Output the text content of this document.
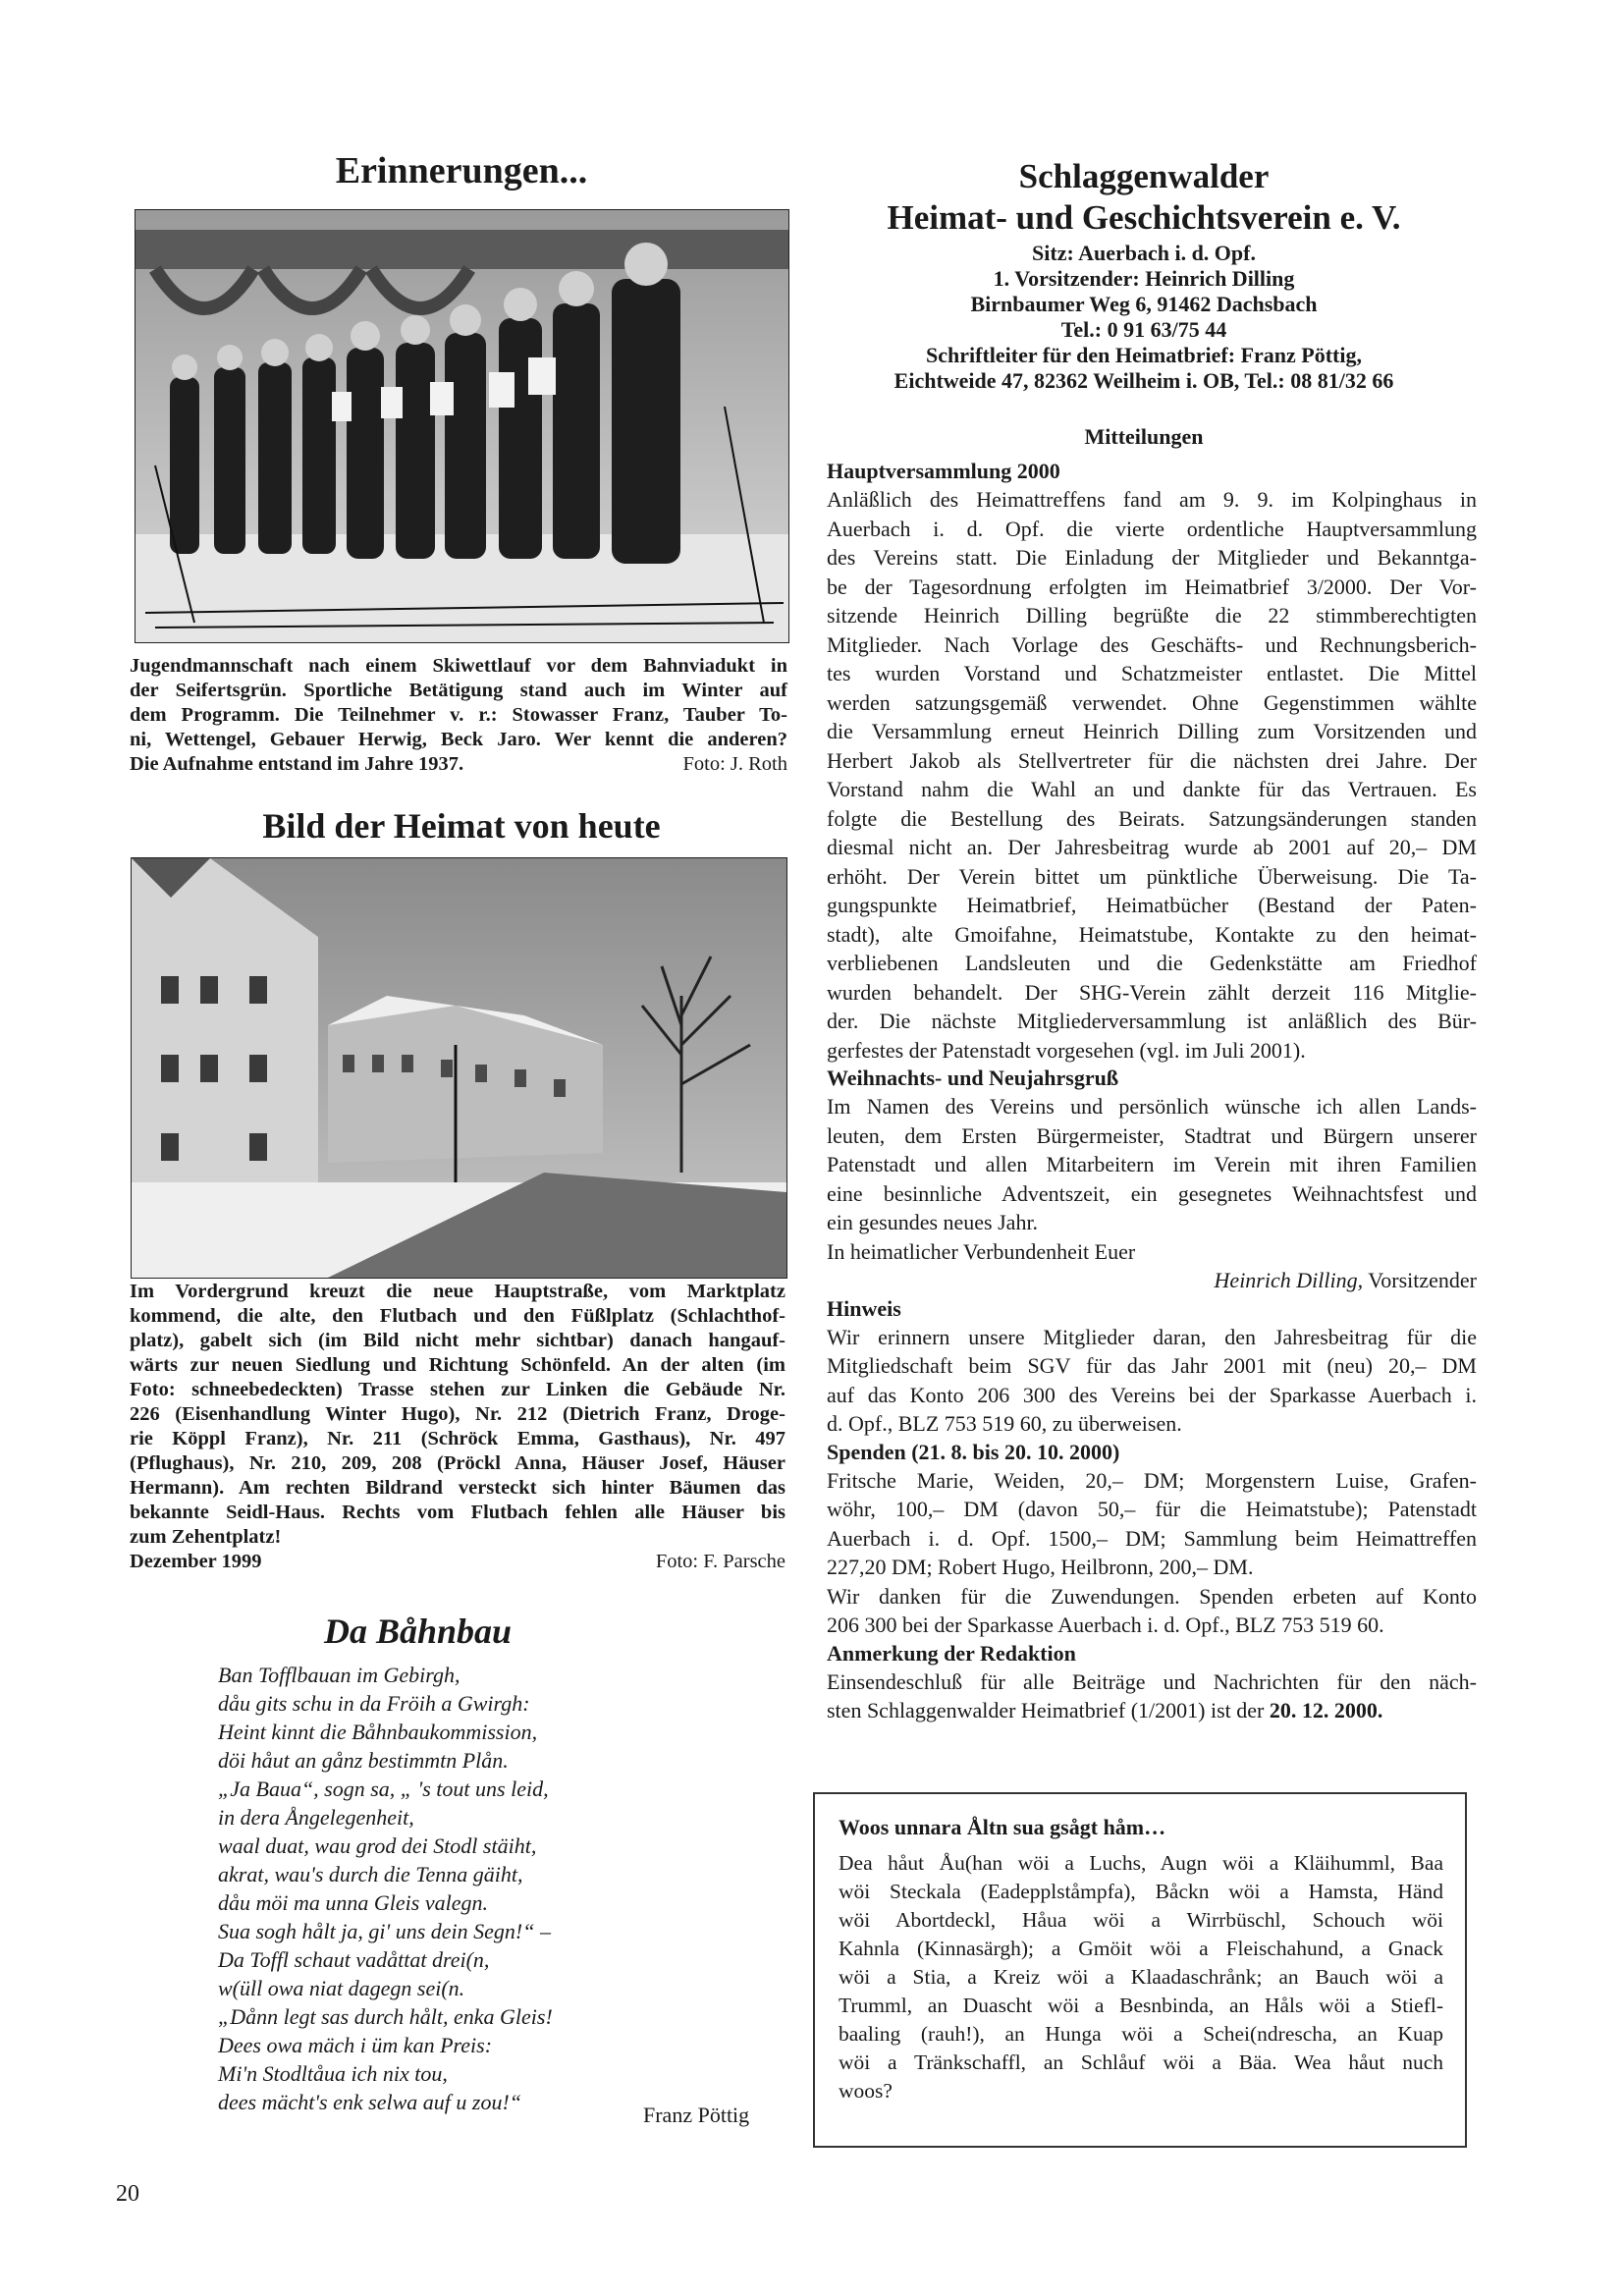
Erinnerungen...

Jugendmannschaft nach einem Skiwettlauf vor dem Bahnviadukt in

der Seifertsgrün. Sportliche Betätigung stand auch im Winter auf

dem Programm. Die Teilnehmer v. r.: Stowasser Franz, Tauber To-

ni, Wettengel, Gebauer Herwig, Beck Jaro. Wer kennt die anderen?

Die Aufnahme entstand im Jahre 1937.	Foto: J. Roth

Bild der Heimat von heute

Im Vordergrund kreuzt die neue Hauptstraße, vom Marktplatz

kommend, die alte, den Flutbach und den Füßlplatz (Schlachthof-

platz), gabelt sich (im Bild nicht mehr sichtbar) danach hangauf-

wärts zur neuen Siedlung und Richtung Schönfeld. An der alten (im

Foto: schneebedeckten) Trasse stehen zur Linken die Gebäude Nr.

226 (Eisenhandlung Winter Hugo), Nr. 212 (Dietrich Franz, Droge-

rie Köppl Franz), Nr. 211 (Schröck Emma, Gasthaus), Nr. 497

(Pflughaus), Nr. 210, 209, 208 (Pröckl Anna, Häuser Josef, Häuser

Hermann). Am rechten Bildrand versteckt sich hinter Bäumen das

bekannte Seidl-Haus. Rechts vom Flutbach fehlen alle Häuser bis

zum Zehentplatz!

Dezember 1999	Foto: F. Parsche

Da Båhnbau
Ban Tofflbauan im Gebirgh,
dåu gits schu in da Fröih a Gwirgh:
Heint kinnt die Båhnbaukommission,
döi håut an gånz bestimmtn Plån.
„Ja Baua“, sogn sa, „ 's tout uns leid,
in dera Ångelegenheit,
waal duat, wau grod dei Stodl stäiht,
akrat, wau's durch die Tenna gäiht,
dåu möi ma unna Gleis valegn.
Sua sogh hålt ja, gi' uns dein Segn!“ –
Da Toffl schaut vadåttat drei(n,
w(üll owa niat dagegn sei(n.
„Dånn legt sas durch hålt, enka Gleis!
Dees owa mäch i üm kan Preis:
Mi'n Stodltåua ich nix tou,
dees mächt's enk selwa auf u zou!“
Franz Pöttig
Schlaggenwalder
Heimat- und Geschichtsverein e. V.
Sitz: Auerbach i. d. Opf.
1. Vorsitzender: Heinrich Dilling
Birnbaumer Weg 6, 91462 Dachsbach
Tel.: 0 91 63/75 44
Schriftleiter für den Heimatbrief: Franz Pöttig,
Eichtweide 47, 82362 Weilheim i. OB, Tel.: 08 81/32 66
Mitteilungen
Hauptversammlung 2000
Anläßlich des Heimattreffens fand am 9. 9. im Kolpinghaus in
Auerbach i. d. Opf. die vierte ordentliche Hauptversammlung
des Vereins statt. Die Einladung der Mitglieder und Bekanntga-
be der Tagesordnung erfolgten im Heimatbrief 3/2000. Der Vor-
sitzende Heinrich Dilling begrüßte die 22 stimmberechtigten
Mitglieder. Nach Vorlage des Geschäfts- und Rechnungsberich-
tes wurden Vorstand und Schatzmeister entlastet. Die Mittel
werden satzungsgemäß verwendet. Ohne Gegenstimmen wählte
die Versammlung erneut Heinrich Dilling zum Vorsitzenden und
Herbert Jakob als Stellvertreter für die nächsten drei Jahre. Der
Vorstand nahm die Wahl an und dankte für das Vertrauen. Es
folgte die Bestellung des Beirats. Satzungsänderungen standen
diesmal nicht an. Der Jahresbeitrag wurde ab 2001 auf 20,– DM
erhöht. Der Verein bittet um pünktliche Überweisung. Die Ta-
gungspunkte Heimatbrief, Heimatbücher (Bestand der Paten-
stadt), alte Gmoifahne, Heimatstube, Kontakte zu den heimat-
verbliebenen Landsleuten und die Gedenkstätte am Friedhof
wurden behandelt. Der SHG-Verein zählt derzeit 116 Mitglie-
der. Die nächste Mitgliederversammlung ist anläßlich des Bür-
gerfestes der Patenstadt vorgesehen (vgl. im Juli 2001).
Weihnachts- und Neujahrsgruß
Im Namen des Vereins und persönlich wünsche ich allen Lands-
leuten, dem Ersten Bürgermeister, Stadtrat und Bürgern unserer
Patenstadt und allen Mitarbeitern im Verein mit ihren Familien
eine besinnliche Adventszeit, ein gesegnetes Weihnachtsfest und
ein gesundes neues Jahr.
In heimatlicher Verbundenheit Euer
Heinrich Dilling, Vorsitzender
Hinweis
Wir erinnern unsere Mitglieder daran, den Jahresbeitrag für die
Mitgliedschaft beim SGV für das Jahr 2001 mit (neu) 20,– DM
auf das Konto 206 300 des Vereins bei der Sparkasse Auerbach i.
d. Opf., BLZ 753 519 60, zu überweisen.
Spenden (21. 8. bis 20. 10. 2000)
Fritsche Marie, Weiden, 20,– DM; Morgenstern Luise, Grafen-
wöhr, 100,– DM (davon 50,– für die Heimatstube); Patenstadt
Auerbach i. d. Opf. 1500,– DM; Sammlung beim Heimattreffen
227,20 DM; Robert Hugo, Heilbronn, 200,– DM.
Wir danken für die Zuwendungen. Spenden erbeten auf Konto
206 300 bei der Sparkasse Auerbach i. d. Opf., BLZ 753 519 60.
Anmerkung der Redaktion
Einsendeschluß für alle Beiträge und Nachrichten für den näch-
sten Schlaggenwalder Heimatbrief (1/2001) ist der 20. 12. 2000.
Woos unnara Åltn sua gsågt håm…
Dea håut Åu(han wöi a Luchs, Augn wöi a Kläihumml, Baa
wöi Steckala (Eadepplståmpfa), Båckn wöi a Hamsta, Händ
wöi Abortdeckl, Håua wöi a Wirrbüschl, Schouch wöi
Kahnla (Kinnasärgh); a Gmöit wöi a Fleischahund, a Gnack
wöi a Stia, a Kreiz wöi a Klaadaschrånk; an Bauch wöi a
Trumml, an Duascht wöi a Besnbinda, an Håls wöi a Stiefl-
baaling (rauh!), an Hunga wöi a Schei(ndrescha, an Kuap
wöi a Tränkschaffl, an Schlåuf wöi a Bäa. Wea håut nuch
woos?
20
